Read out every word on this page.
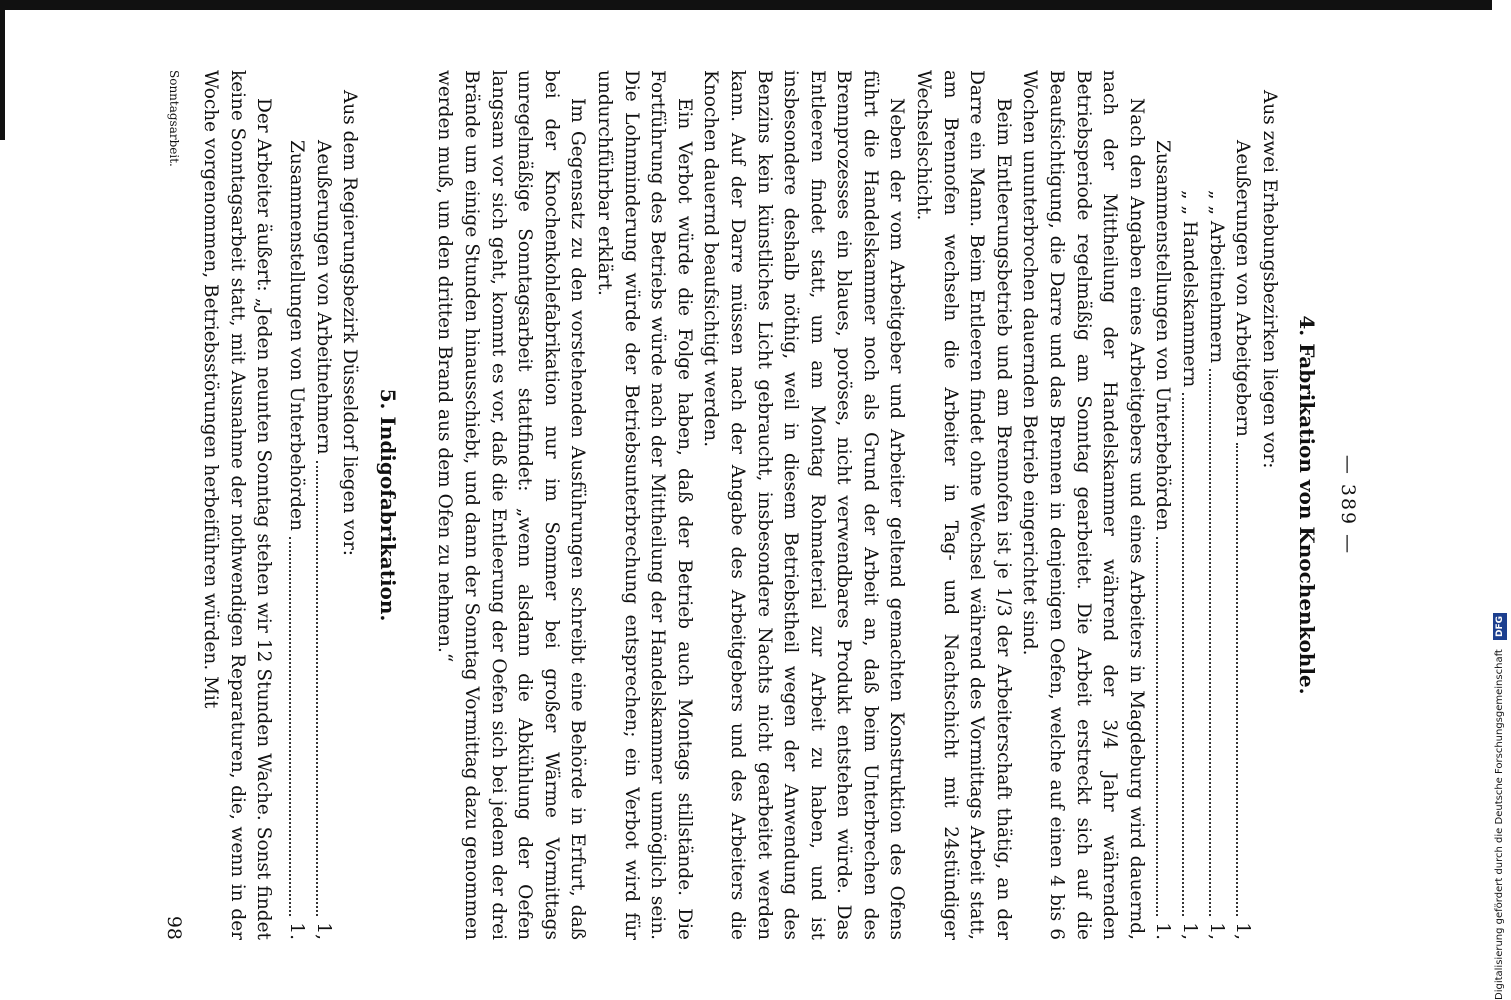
— 389 —
4. Fabrikation von Knochenkohle.
Aus zwei Erhebungsbezirken liegen vor:
Aeußerungen von Arbeitgebern
1,
„ „ Arbeitnehmern
1,
„ „ Handelskammern
1,
Zusammenstellungen von Unterbehörden
1.

Nach den Angaben eines Arbeitgebers und eines Arbeiters in Magdeburg wird dauernd, nach der Mittheilung der Handelskammer während der 3/4 Jahr währenden Betriebsperiode regelmäßig am Sonntag gearbeitet. Die Arbeit erstreckt sich auf die Beaufsichtigung, die Darre und das Brennen in denjenigen Oefen, welche auf einen 4 bis 6 Wochen ununterbrochen dauernden Betrieb eingerichtet sind.

Beim Entleerungsbetrieb und am Brennofen ist je 1/3 der Arbeiterschaft thätig, an der Darre ein Mann. Beim Entleeren findet ohne Wechsel während des Vormittags Arbeit statt, am Brennofen wechseln die Arbeiter in Tag- und Nachtschicht mit 24stündiger Wechselschicht.

Neben der vom Arbeitgeber und Arbeiter geltend gemachten Konstruktion des Ofens führt die Handelskammer noch als Grund der Arbeit an, daß beim Unterbrechen des Brennprozesses ein blaues, poröses, nicht verwendbares Produkt entstehen würde. Das Entleeren findet statt, um am Montag Rohmaterial zur Arbeit zu haben, und ist insbesondere deshalb nöthig, weil in diesem Betriebstheil wegen der Anwendung des Benzins kein künstliches Licht gebraucht, insbesondere Nachts nicht gearbeitet werden kann. Auf der Darre müssen nach der Angabe des Arbeitgebers und des Arbeiters die Knochen dauernd beaufsichtigt werden.

Ein Verbot würde die Folge haben, daß der Betrieb auch Montags stillstände. Die Fortführung des Betriebs würde nach der Mittheilung der Handelskammer unmöglich sein. Die Lohnminderung würde der Betriebsunterbrechung entsprechen; ein Verbot wird für undurchführbar erklärt.

Im Gegensatz zu den vorstehenden Ausführungen schreibt eine Behörde in Erfurt, daß bei der Knochenkohlefabrikation nur im Sommer bei großer Wärme Vormittags unregelmäßige Sonntagsarbeit stattfindet: „wenn alsdann die Abkühlung der Oefen langsam vor sich geht, kommt es vor, daß die Entleerung der Oefen sich bei jedem der drei Brände um einige Stunden hinausschiebt, und dann der Sonntag Vormittag dazu genommen werden muß, um den dritten Brand aus dem Ofen zu nehmen.“

5. Indigofabrikation.
Aus dem Regierungsbezirk Düsseldorf liegen vor:
Aeußerungen von Arbeitnehmern
1,
Zusammenstellungen von Unterbehörden
1.

Der Arbeiter äußert: „Jeden neunten Sonntag stehen wir 12 Stunden Wache. Sonst findet keine Sonntagsarbeit statt, mit Ausnahme der nothwendigen Reparaturen, die, wenn in der Woche vorgenommen, Betriebsstörungen herbeiführen würden. Mit

Sonntagsarbeit.
98	Digitalisierung gefördert durch die Deutsche Forschungsgemeinschaft DFG
